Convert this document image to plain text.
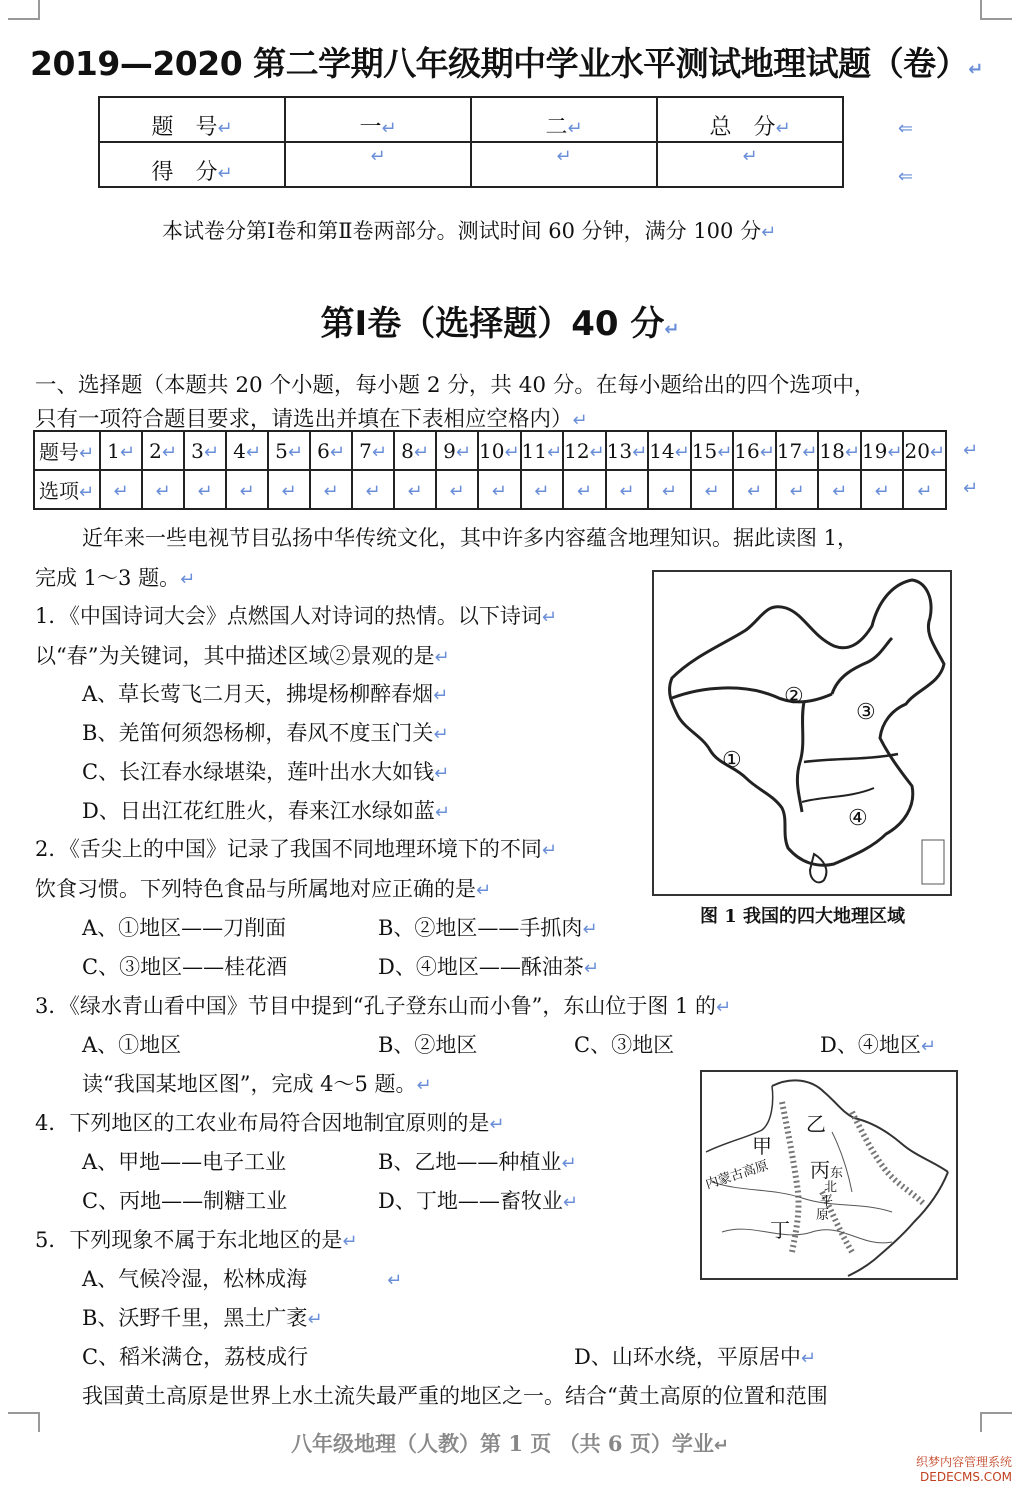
2019—2020 第二学期八年级期中学业水平测试地理试题（卷）↵
题　号↵	一↵	二↵	总　分↵
得　分↵	↵	↵	↵
⇐
⇐
本试卷分第Ⅰ卷和第Ⅱ卷两部分。测试时间 60 分钟，满分 100 分↵
第Ⅰ卷（选择题）40 分↵
一、选择题（本题共 20 个小题，每小题 2 分，共 40 分。在每小题给出的四个选项中，
只有一项符合题目要求，请选出并填在下表相应空格内）↵
题号↵	1↵	2↵	3↵	4↵	5↵	6↵	7↵	8↵	9↵	10↵	11↵	12↵	13↵	14↵	15↵	16↵	17↵	18↵	19↵	20↵
选项↵	↵	↵	↵	↵	↵	↵	↵	↵	↵	↵	↵	↵	↵	↵	↵	↵	↵	↵	↵	↵
↵
↵
近年来一些电视节目弘扬中华传统文化，其中许多内容蕴含地理知识。据此读图 1，
完成 1～3 题。↵
1．《中国诗词大会》点燃国人对诗词的热情。以下诗词↵
以“春”为关键词，其中描述区域②景观的是↵
A、草长莺飞二月天，拂堤杨柳醉春烟↵
B、羌笛何须怨杨柳，春风不度玉门关↵
C、长江春水绿堪染，莲叶出水大如钱↵
D、日出江花红胜火，春来江水绿如蓝↵
2．《舌尖上的中国》记录了我国不同地理环境下的不同↵
饮食习惯。下列特色食品与所属地对应正确的是↵
A、①地区——刀削面	B、②地区——手抓肉↵
C、③地区——桂花酒	D、④地区——酥油茶↵
①
②
③
④
图 1 我国的四大地理区域
3．《绿水青山看中国》节目中提到“孔子登东山而小鲁”，东山位于图 1 的↵
A、①地区	B、②地区	C、③地区	D、④地区↵
读“我国某地区图”，完成 4～5 题。↵
4．下列地区的工农业布局符合因地制宜原则的是↵
A、甲地——电子工业	B、乙地——种植业↵
C、丙地——制糖工业	D、丁地——畜牧业↵
5．下列现象不属于东北地区的是↵
A、气候冷湿，松林成海	↵
B、沃野千里，黑土广袤↵
C、稻米满仓，荔枝成行	D、山环水绕，平原居中↵
甲
乙
丙
丁
内蒙古高原	东
北
平
原
我国黄土高原是世界上水土流失最严重的地区之一。结合“黄土高原的位置和范围
八年级地理（人教）第 1 页 （共 6 页）学业↵
织梦内容管理系统
DEDECMS.COM
